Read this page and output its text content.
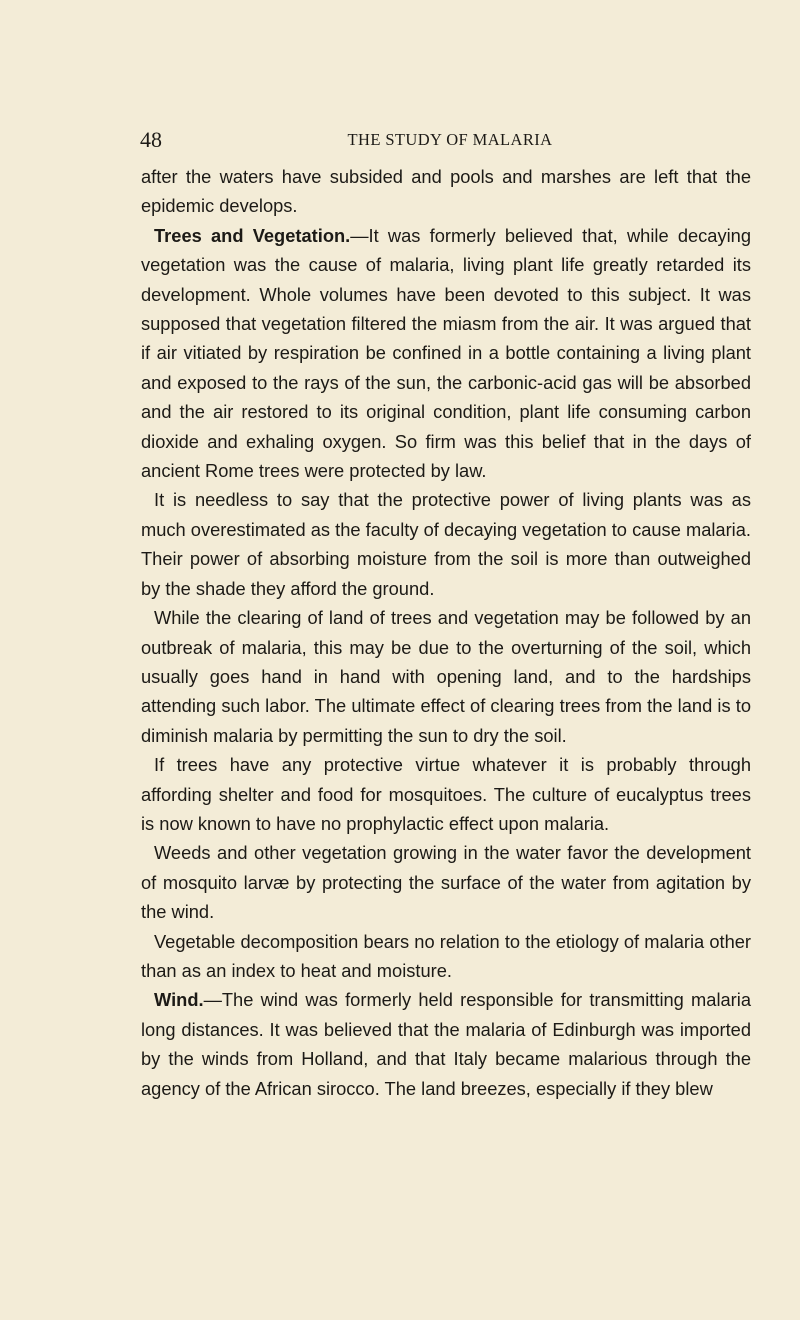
48	THE STUDY OF MALARIA

after the waters have subsided and pools and marshes are left that the epidemic develops.

Trees and Vegetation.—It was formerly believed that, while decaying vegetation was the cause of malaria, living plant life greatly retarded its development. Whole volumes have been devoted to this subject. It was supposed that vegetation filtered the miasm from the air. It was argued that if air vitiated by respiration be confined in a bottle containing a living plant and exposed to the rays of the sun, the carbonic-acid gas will be absorbed and the air restored to its original condition, plant life consuming carbon dioxide and exhaling oxygen. So firm was this belief that in the days of ancient Rome trees were protected by law.

It is needless to say that the protective power of living plants was as much overestimated as the faculty of decaying vegetation to cause malaria. Their power of absorbing moisture from the soil is more than outweighed by the shade they afford the ground.

While the clearing of land of trees and vegetation may be followed by an outbreak of malaria, this may be due to the overturning of the soil, which usually goes hand in hand with opening land, and to the hardships attending such labor. The ultimate effect of clearing trees from the land is to diminish malaria by permitting the sun to dry the soil.

If trees have any protective virtue whatever it is probably through affording shelter and food for mosquitoes. The culture of eucalyptus trees is now known to have no prophylactic effect upon malaria.

Weeds and other vegetation growing in the water favor the development of mosquito larvæ by protecting the surface of the water from agitation by the wind.

Vegetable decomposition bears no relation to the etiology of malaria other than as an index to heat and moisture.

Wind.—The wind was formerly held responsible for transmitting malaria long distances. It was believed that the malaria of Edinburgh was imported by the winds from Holland, and that Italy became malarious through the agency of the African sirocco. The land breezes, especially if they blew
